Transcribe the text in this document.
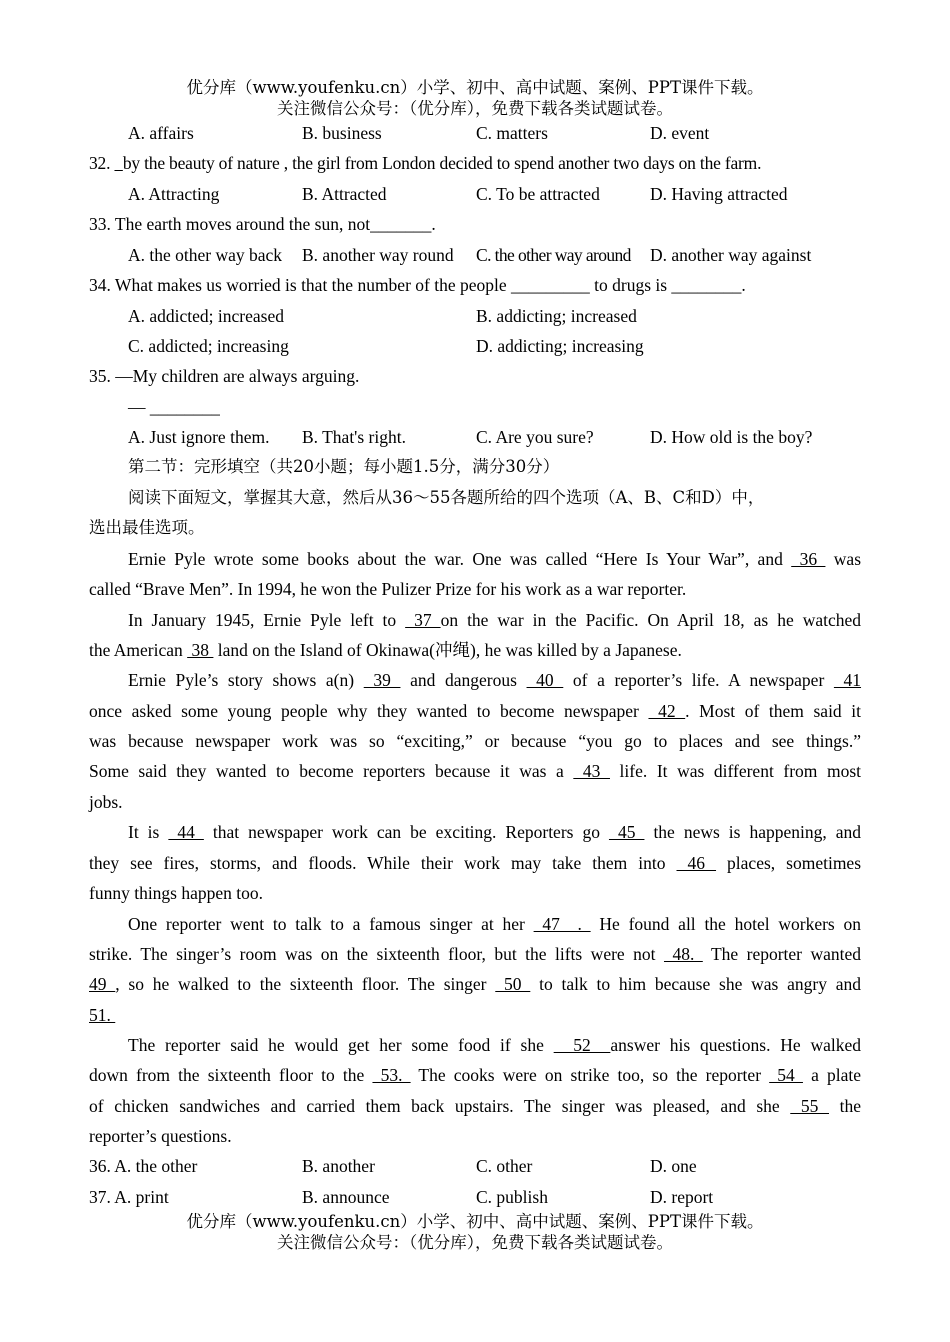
优分库（www.youfenku.cn）小学、初中、高中试题、案例、PPT课件下载。
关注微信公众号：（优分库），免费下载各类试题试卷。
A. affairs	B. business	C. matters	D. event
32. by the beauty of nature , the girl from London decided to spend another two days on the farm.
A. Attracting	B. Attracted	C. To be attracted	D. Having attracted
33. The earth moves around the sun, not_______.
A. the other way back B. another way round C. the other way around D. another way against
34. What makes us worried is that the number of the people _________ to drugs is ________.
A. addicted; increased	B. addicting; increased
C. addicted; increasing	D. addicting; increasing
35. —My children are always arguing.
— ________
A. Just ignore them. B. That's right.	C. Are you sure?	D. How old is the boy?
第二节：完形填空（共20小题；每小题1.5分，满分30分）
阅读下面短文，掌握其大意，然后从36～55各题所给的四个选项（A、B、C和D）中，
选出最佳选项。
Ernie Pyle wrote some books about the war. One was called “Here Is Your War”, and  36  was
called “Brave Men”. In 1994, he won the Pulizer Prize for his work as a war reporter.
In January 1945, Ernie Pyle left to  37 on the war in the Pacific. On April 18, as he watched
the American  38  land on the Island of Okinawa(冲绳), he was killed by a Japanese.
Ernie Pyle’s story shows a(n)  39  and dangerous  40  of a reporter’s life. A newspaper  41
once asked some young people why they wanted to become newspaper  42 . Most of them said it
was because newspaper work was so “exciting,” or because “you go to places and see things.”
Some said they wanted to become reporters because it was a  43  life. It was different from most
jobs.
It is  44  that newspaper work can be exciting. Reporters go  45  the news is happening, and
they see fires, storms, and floods. While their work may take them into  46  places, sometimes
funny things happen too.
One reporter went to talk to a famous singer at her  47  .  He found all the hotel workers on
strike. The singer’s room was on the sixteenth floor, but the lifts were not  48.  The reporter wanted
49 , so he walked to the sixteenth floor. The singer  50  to talk to him because she was angry and
51.
The reporter said he would get her some food if she   52  answer his questions. He walked
down from the sixteenth floor to the  53.  The cooks were on strike too, so the reporter  54  a plate
of chicken sandwiches and carried them back upstairs. The singer was pleased, and she  55  the
reporter’s questions.
36. A. the other	B. another	C. other	D. one
37. A. print	B. announce	C. publish	D. report
优分库（www.youfenku.cn）小学、初中、高中试题、案例、PPT课件下载。
关注微信公众号：（优分库），免费下载各类试题试卷。
